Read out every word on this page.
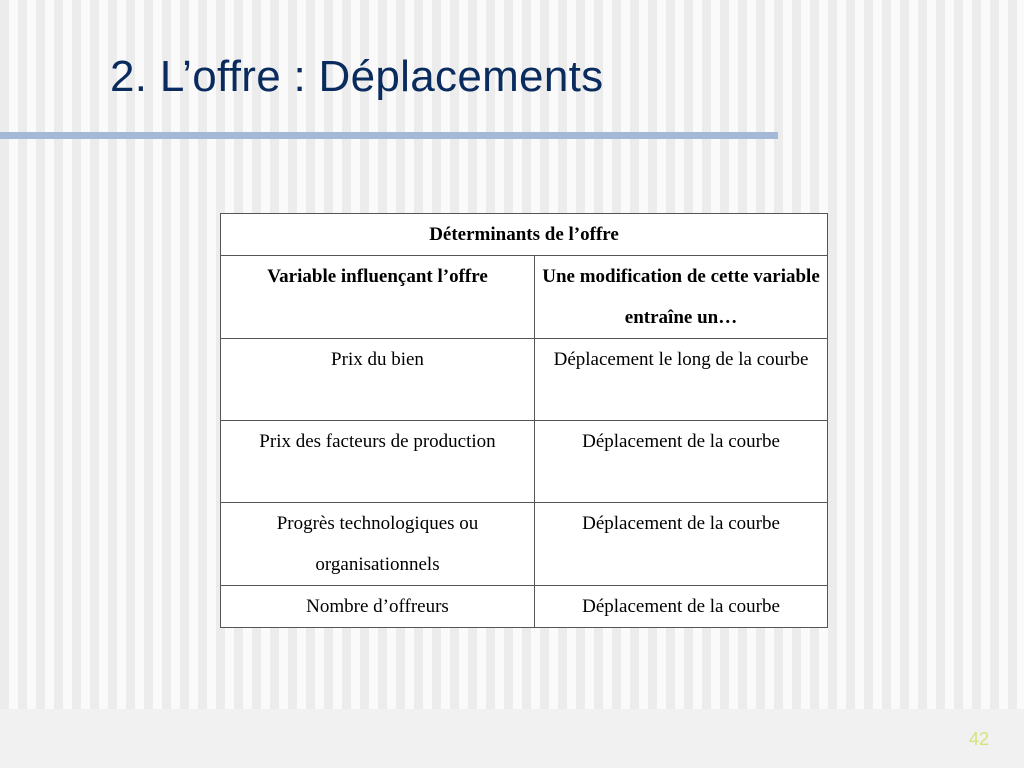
2. L’offre : Déplacements
Déterminants de l’offre	
Variable influençant l’offre	Une modification de cette variable entraîne un…
Prix du bien	Déplacement le long de la courbe
Prix des facteurs de production	Déplacement de la courbe
Progrès technologiques ou organisationnels	Déplacement de la courbe
Nombre d’offreurs	Déplacement de la courbe
42
